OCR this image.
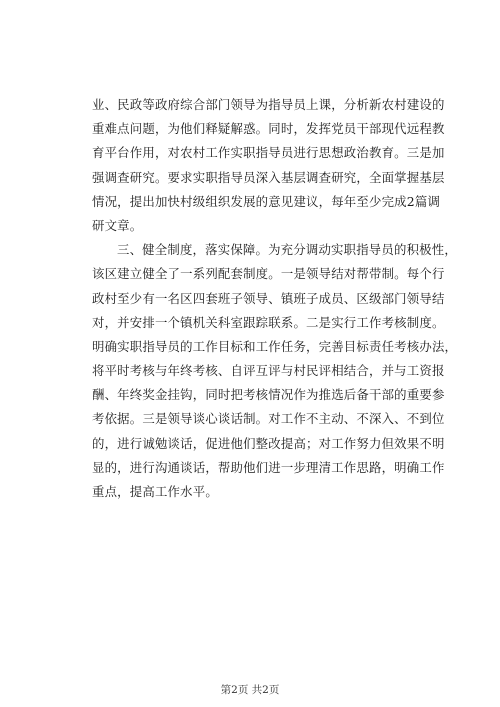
业、民政等政府综合部门领导为指导员上课，分析新农村建设的
重难点问题，为他们释疑解惑。同时，发挥党员干部现代远程教
育平台作用，对农村工作实职指导员进行思想政治教育。三是加
强调查研究。要求实职指导员深入基层调查研究，全面掌握基层
情况，提出加快村级组织发展的意见建议，每年至少完成2篇调
研文章。
三、健全制度，落实保障。为充分调动实职指导员的积极性，
该区建立健全了一系列配套制度。一是领导结对帮带制。每个行
政村至少有一名区四套班子领导、镇班子成员、区级部门领导结
对，并安排一个镇机关科室跟踪联系。二是实行工作考核制度。
明确实职指导员的工作目标和工作任务，完善目标责任考核办法，
将平时考核与年终考核、自评互评与村民评相结合，并与工资报
酬、年终奖金挂钩，同时把考核情况作为推选后备干部的重要参
考依据。三是领导谈心谈话制。对工作不主动、不深入、不到位
的，进行诚勉谈话，促进他们整改提高；对工作努力但效果不明
显的，进行沟通谈话，帮助他们进一步理清工作思路，明确工作
重点，提高工作水平。
第2页 共2页
